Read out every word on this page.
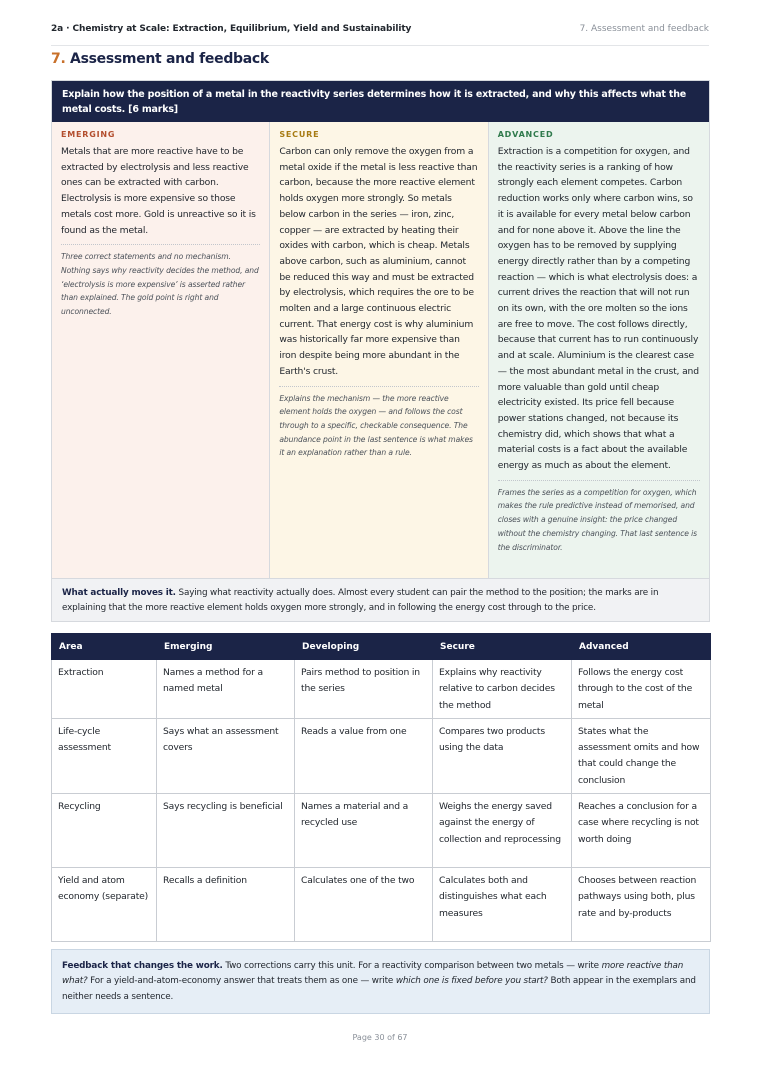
2a · Chemistry at Scale: Extraction, Equilibrium, Yield and Sustainability	7. Assessment and feedback
7. Assessment and feedback
Explain how the position of a metal in the reactivity series determines how it is extracted, and why this affects what the metal costs. [6 marks]
EMERGING
Metals that are more reactive have to be extracted by electrolysis and less reactive ones can be extracted with carbon. Electrolysis is more expensive so those metals cost more. Gold is unreactive so it is found as the metal.
Three correct statements and no mechanism. Nothing says why reactivity decides the method, and ‘electrolysis is more expensive’ is asserted rather than explained. The gold point is right and unconnected.
SECURE
Carbon can only remove the oxygen from a metal oxide if the metal is less reactive than carbon, because the more reactive element holds oxygen more strongly. So metals below carbon in the series — iron, zinc, copper — are extracted by heating their oxides with carbon, which is cheap. Metals above carbon, such as aluminium, cannot be reduced this way and must be extracted by electrolysis, which requires the ore to be molten and a large continuous electric current. That energy cost is why aluminium was historically far more expensive than iron despite being more abundant in the Earth's crust.
Explains the mechanism — the more reactive element holds the oxygen — and follows the cost through to a specific, checkable consequence. The abundance point in the last sentence is what makes it an explanation rather than a rule.
ADVANCED
Extraction is a competition for oxygen, and the reactivity series is a ranking of how strongly each element competes. Carbon reduction works only where carbon wins, so it is available for every metal below carbon and for none above it. Above the line the oxygen has to be removed by supplying energy directly rather than by a competing reaction — which is what electrolysis does: a current drives the reaction that will not run on its own, with the ore molten so the ions are free to move. The cost follows directly, because that current has to run continuously and at scale. Aluminium is the clearest case — the most abundant metal in the crust, and more valuable than gold until cheap electricity existed. Its price fell because power stations changed, not because its chemistry did, which shows that what a material costs is a fact about the available energy as much as about the element.
Frames the series as a competition for oxygen, which makes the rule predictive instead of memorised, and closes with a genuine insight: the price changed without the chemistry changing. That last sentence is the discriminator.
What actually moves it. Saying what reactivity actually does. Almost every student can pair the method to the position; the marks are in explaining that the more reactive element holds oxygen more strongly, and in following the energy cost through to the price.
Area	Emerging	Developing	Secure	Advanced
Extraction	Names a method for a named metal	Pairs method to position in the series	Explains why reactivity relative to carbon decides the method	Follows the energy cost through to the cost of the metal
Life-cycle assessment	Says what an assessment covers	Reads a value from one	Compares two products using the data	States what the assessment omits and how that could change the conclusion
Recycling	Says recycling is beneficial	Names a material and a recycled use	Weighs the energy saved against the energy of collection and reprocessing	Reaches a conclusion for a case where recycling is not worth doing
Yield and atom economy (separate)	Recalls a definition	Calculates one of the two	Calculates both and distinguishes what each measures	Chooses between reaction pathways using both, plus rate and by-products
Feedback that changes the work. Two corrections carry this unit. For a reactivity comparison between two metals — write more reactive than what? For a yield-and-atom-economy answer that treats them as one — write which one is fixed before you start? Both appear in the exemplars and neither needs a sentence.
Page 30 of 67
